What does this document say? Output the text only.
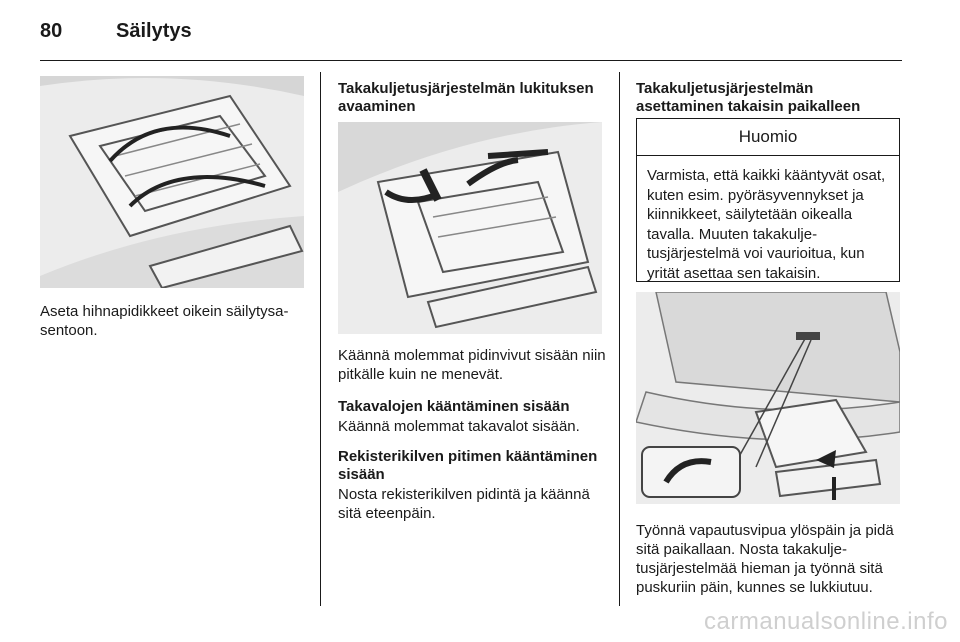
80	Säilytys
Aseta hihnapidikkeet oikein säilytysasentoon.
Takakuljetusjärjestelmän lukituksen avaaminen
Käännä molemmat pidinvivut sisään niin pitkälle kuin ne menevät.
Takavalojen kääntäminen sisään
Käännä molemmat takavalot sisään.
Rekisterikilven pitimen kääntäminen sisään
Nosta rekisterikilven pidintä ja käännä sitä eteenpäin.
Takakuljetusjärjestelmän asettaminen takaisin paikalleen
Huomio
Varmista, että kaikki kääntyvät osat, kuten esim. pyöräsyvennykset ja kiinnikkeet, säilytetään oikealla tavalla. Muuten takakuljetusjärjestelmä voi vaurioitua, kun yrität asettaa sen takaisin.
Työnnä vapautusvipua ylöspäin ja pidä sitä paikallaan. Nosta takakuljetusjärjestelmää hieman ja työnnä sitä puskuriin päin, kunnes se lukkiutuu.
carmanualsonline.info
